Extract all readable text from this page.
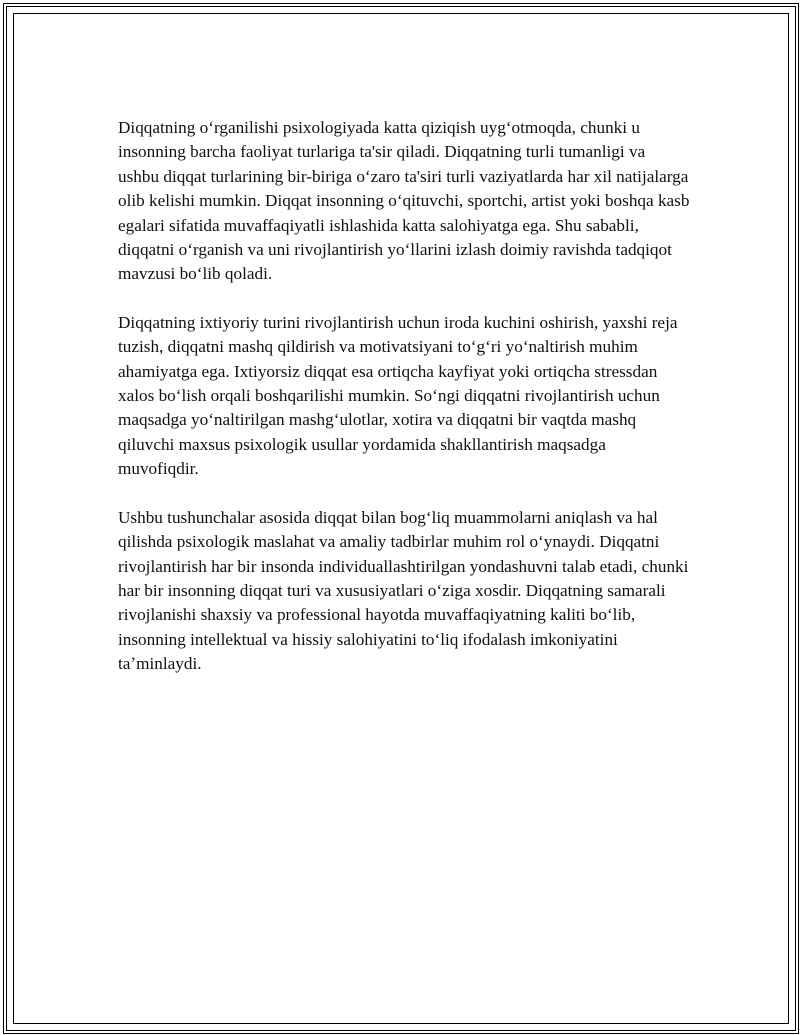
Diqqatning oʻrganilishi psixologiyada katta qiziqish uygʻotmoqda, chunki u insonning barcha faoliyat turlariga ta'sir qiladi. Diqqatning turli tumanligi va ushbu diqqat turlarining bir-biriga oʻzaro ta'siri turli vaziyatlarda har xil natijalarga olib kelishi mumkin. Diqqat insonning oʻqituvchi, sportchi, artist yoki boshqa kasb egalari sifatida muvaffaqiyatli ishlashida katta salohiyatga ega. Shu sababli, diqqatni oʻrganish va uni rivojlantirish yoʻllarini izlash doimiy ravishda tadqiqot mavzusi boʻlib qoladi.

Diqqatning ixtiyoriy turini rivojlantirish uchun iroda kuchini oshirish, yaxshi reja tuzish, diqqatni mashq qildirish va motivatsiyani toʻgʻri yoʻnaltirish muhim ahamiyatga ega. Ixtiyorsiz diqqat esa ortiqcha kayfiyat yoki ortiqcha stressdan xalos boʻlish orqali boshqarilishi mumkin. Soʻngi diqqatni rivojlantirish uchun maqsadga yoʻnaltirilgan mashgʻulotlar, xotira va diqqatni bir vaqtda mashq qiluvchi maxsus psixologik usullar yordamida shakllantirish maqsadga muvofiqdir.

Ushbu tushunchalar asosida diqqat bilan bogʻliq muammolarni aniqlash va hal qilishda psixologik maslahat va amaliy tadbirlar muhim rol oʻynaydi. Diqqatni rivojlantirish har bir insonda individuallashtirilgan yondashuvni talab etadi, chunki har bir insonning diqqat turi va xususiyatlari oʻziga xosdir. Diqqatning samarali rivojlanishi shaxsiy va professional hayotda muvaffaqiyatning kaliti boʻlib, insonning intellektual va hissiy salohiyatini toʻliq ifodalash imkoniyatini taʼminlaydi.
